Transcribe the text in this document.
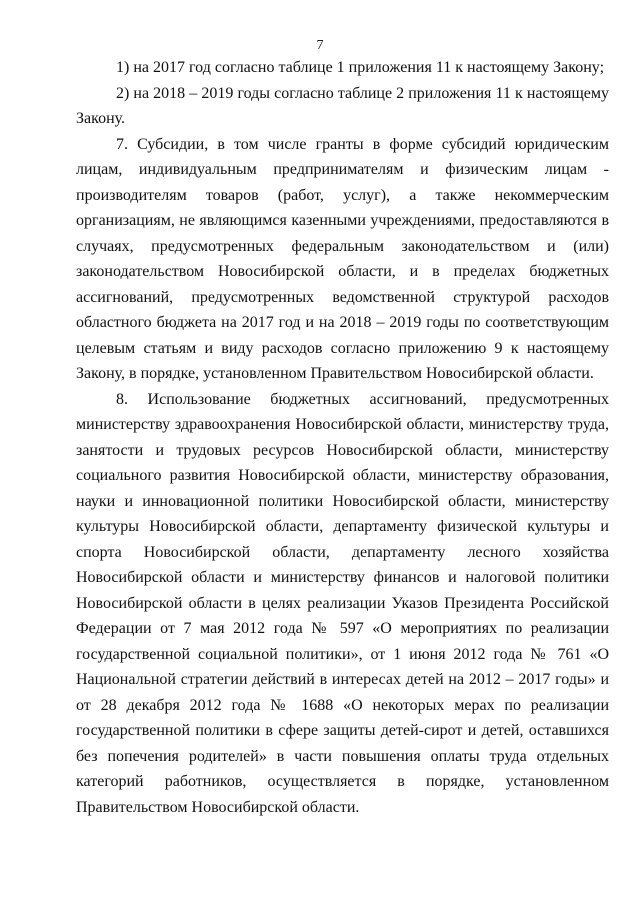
7

1) на 2017 год согласно таблице 1 приложения 11 к настоящему Закону;

2) на 2018 – 2019 годы согласно таблице 2 приложения 11 к настоящему Закону.

7. Субсидии, в том числе гранты в форме субсидий юридическим лицам, индивидуальным предпринимателям и физическим лицам - производителям товаров (работ, услуг), а также некоммерческим организациям, не являющимся казенными учреждениями, предоставляются в случаях, предусмотренных федеральным законодательством и (или) законодательством Новосибирской области, и в пределах бюджетных ассигнований, предусмотренных ведомственной структурой расходов областного бюджета на 2017 год и на 2018 – 2019 годы по соответствующим целевым статьям и виду расходов согласно приложению 9 к настоящему Закону, в порядке, установленном Правительством Новосибирской области.

8. Использование бюджетных ассигнований, предусмотренных министерству здравоохранения Новосибирской области, министерству труда, занятости и трудовых ресурсов Новосибирской области, министерству социального развития Новосибирской области, министерству образования, науки и инновационной политики Новосибирской области, министерству культуры Новосибирской области, департаменту физической культуры и спорта Новосибирской области, департаменту лесного хозяйства Новосибирской области и министерству финансов и налоговой политики Новосибирской области в целях реализации Указов Президента Российской Федерации от 7 мая 2012 года № 597 «О мероприятиях по реализации государственной социальной политики», от 1 июня 2012 года № 761 «О Национальной стратегии действий в интересах детей на 2012 – 2017 годы» и от 28 декабря 2012 года № 1688 «О некоторых мерах по реализации государственной политики в сфере защиты детей-сирот и детей, оставшихся без попечения родителей» в части повышения оплаты труда отдельных категорий работников, осуществляется в порядке, установленном Правительством Новосибирской области.
